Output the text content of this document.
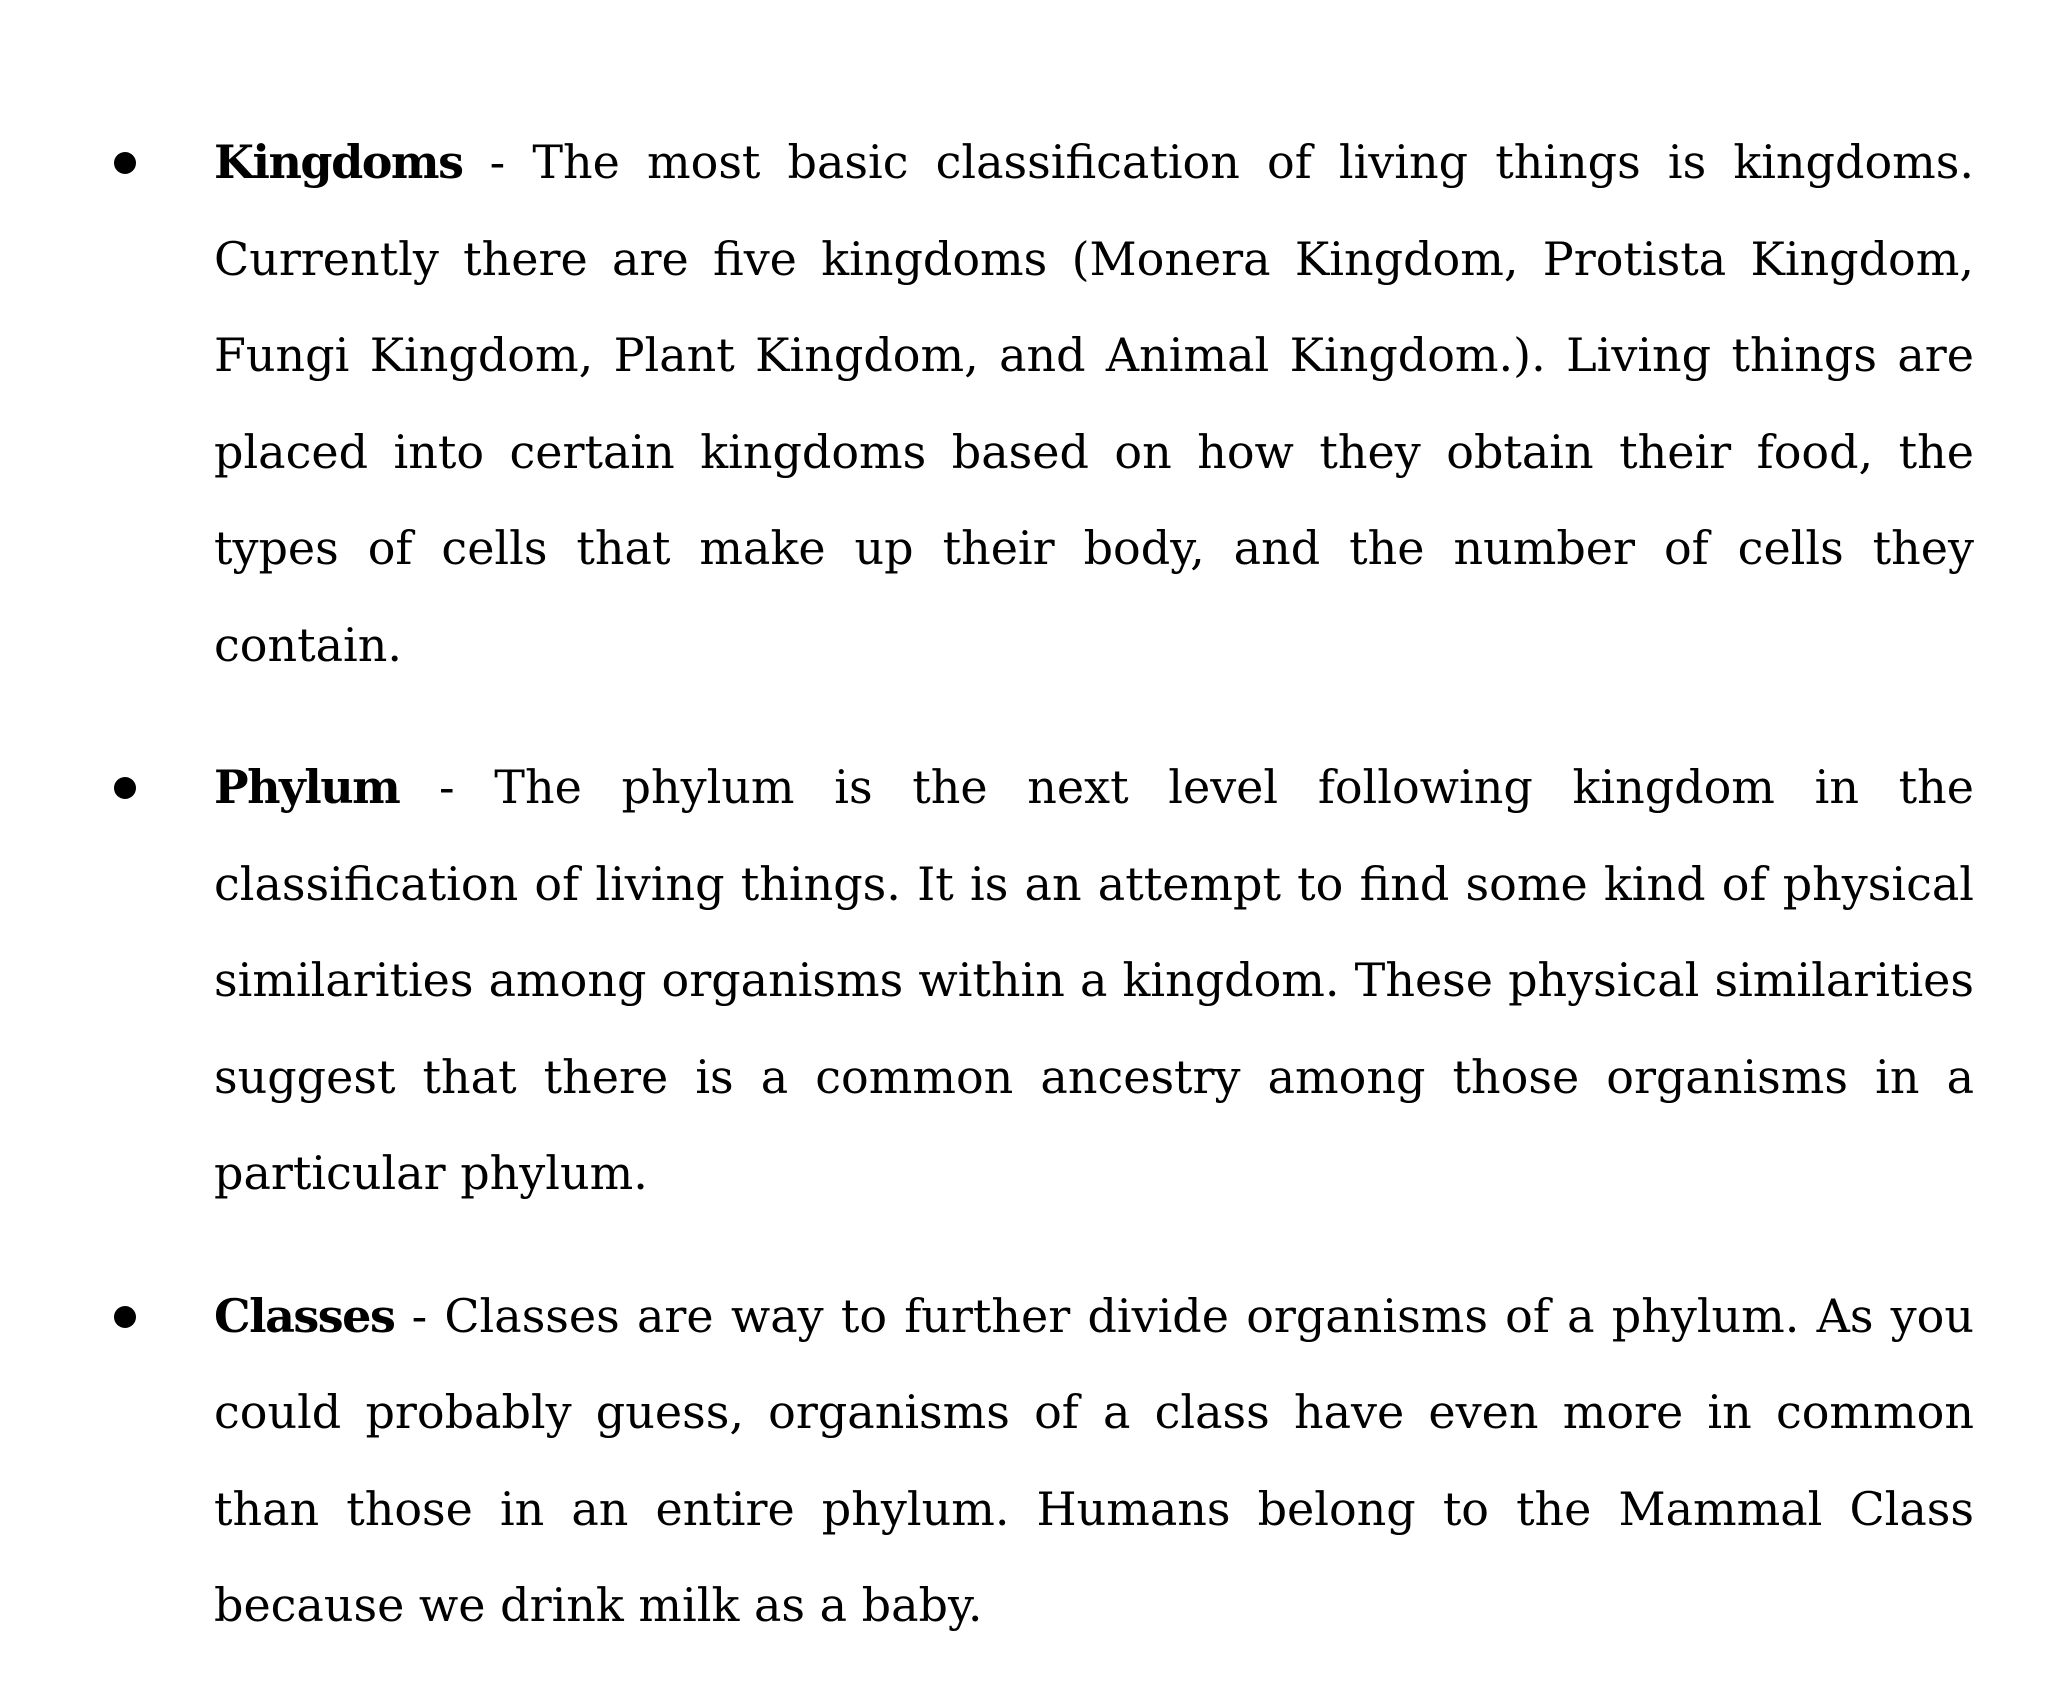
Kingdoms - The most basic classification of living things is kingdoms. Currently there are five kingdoms (Monera Kingdom, Protista Kingdom, Fungi Kingdom, Plant Kingdom, and Animal Kingdom.). Living things are placed into certain kingdoms based on how they obtain their food, the types of cells that make up their body, and the number of cells they contain.

Phylum - The phylum is the next level following kingdom in the classification of living things. It is an attempt to find some kind of physical similarities among organisms within a kingdom. These physical similarities suggest that there is a common ancestry among those organisms in a particular phylum.

Classes - Classes are way to further divide organisms of a phylum. As you could probably guess, organisms of a class have even more in common than those in an entire phylum. Humans belong to the Mammal Class because we drink milk as a baby.
